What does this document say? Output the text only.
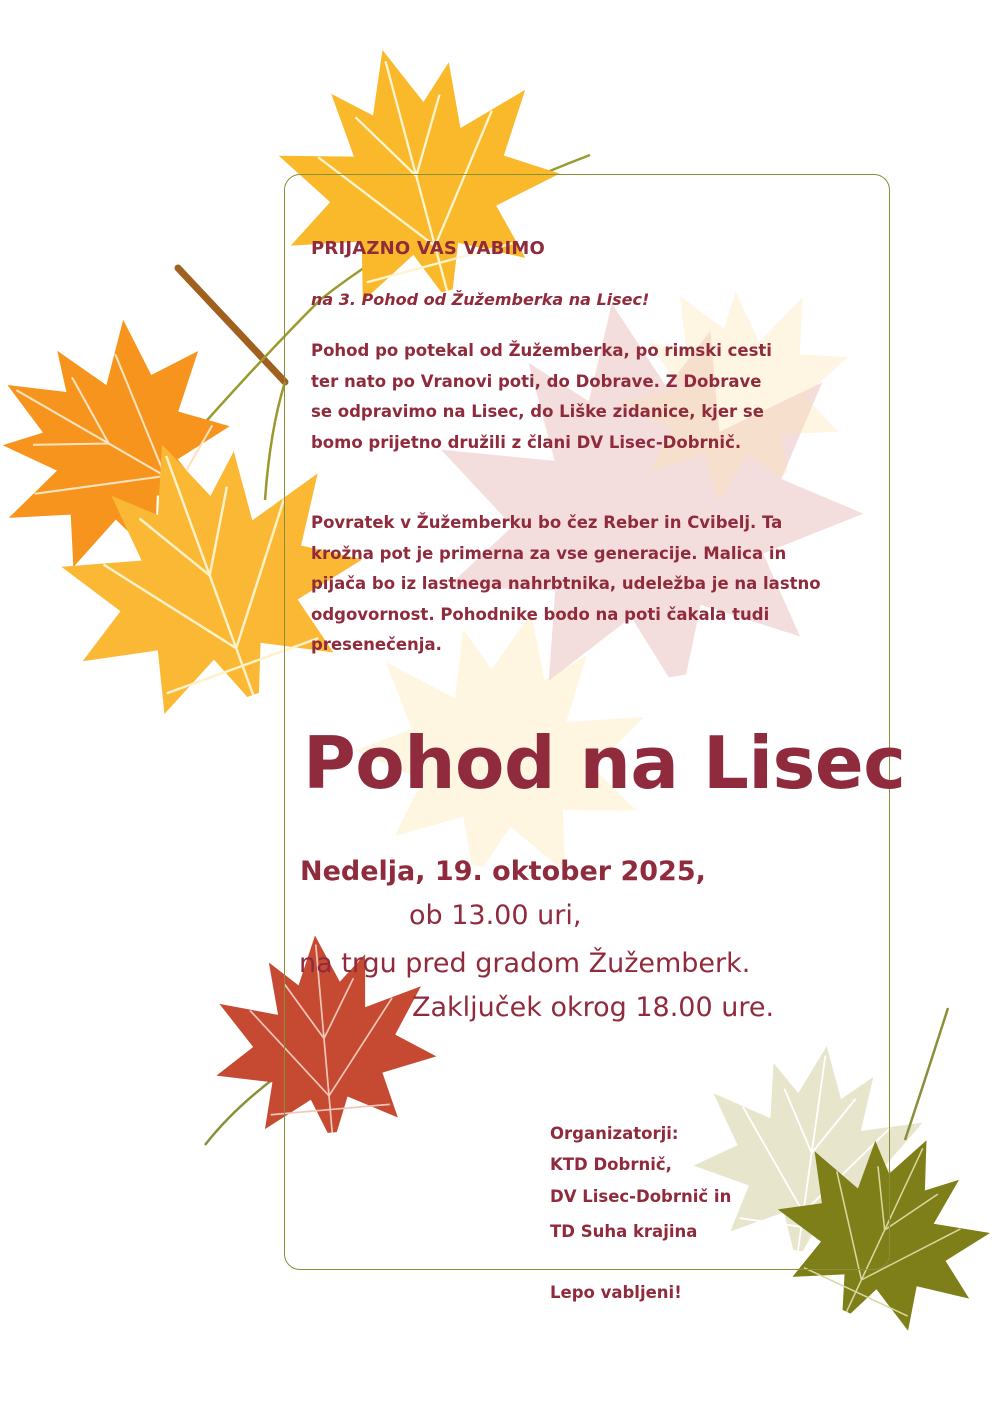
PRIJAZNO VAS VABIMO
na 3. Pohod od Žužemberka na Lisec!
Pohod po potekal od Žužemberka, po rimski cesti ter nato po Vranovi poti, do Dobrave. Z Dobrave se odpravimo na Lisec, do Liške zidanice, kjer se bomo prijetno družili z člani DV Lisec-Dobrnič.
Povratek v Žužemberku bo čez Reber in Cvibelj. Ta krožna pot je primerna za vse generacije. Malica in pijača bo iz lastnega nahrbtnika, udeležba je na lastno odgovornost. Pohodnike bodo na poti čakala tudi presenečenja.
Pohod na Lisec
Nedelja, 19. oktober 2025,
ob 13.00 uri,
na trgu pred gradom Žužemberk.
Zaključek okrog 18.00 ure.
Organizatorji:
KTD Dobrnič,
DV Lisec-Dobrnič in
TD Suha krajina
Lepo vabljeni!
